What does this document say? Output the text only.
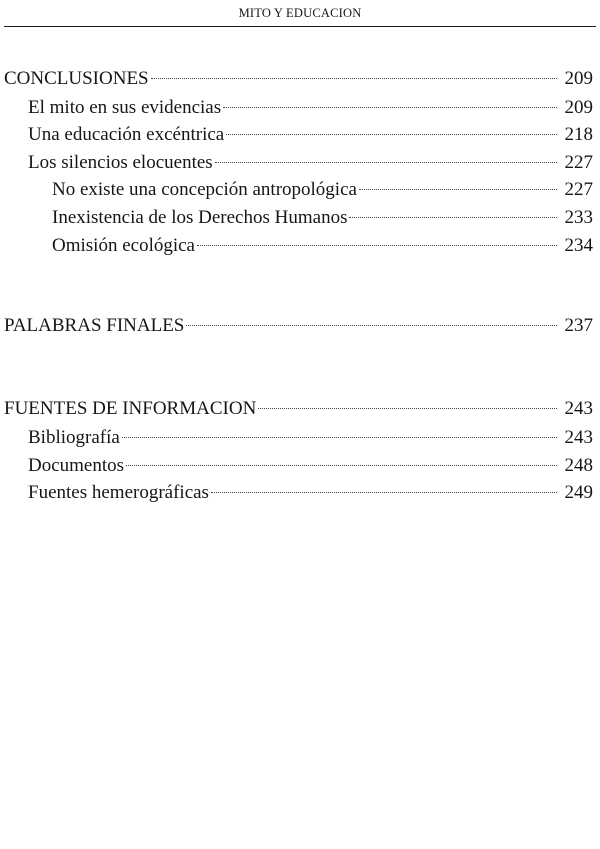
MITO Y EDUCACION
CONCLUSIONES	209
El mito en sus evidencias	209
Una educación excéntrica	218
Los silencios elocuentes	227
No existe una concepción antropológica	227
Inexistencia de los Derechos Humanos	233
Omisión ecológica	234
PALABRAS FINALES	237
FUENTES DE INFORMACION	243
Bibliografía	243
Documentos	248
Fuentes hemerográficas	249
